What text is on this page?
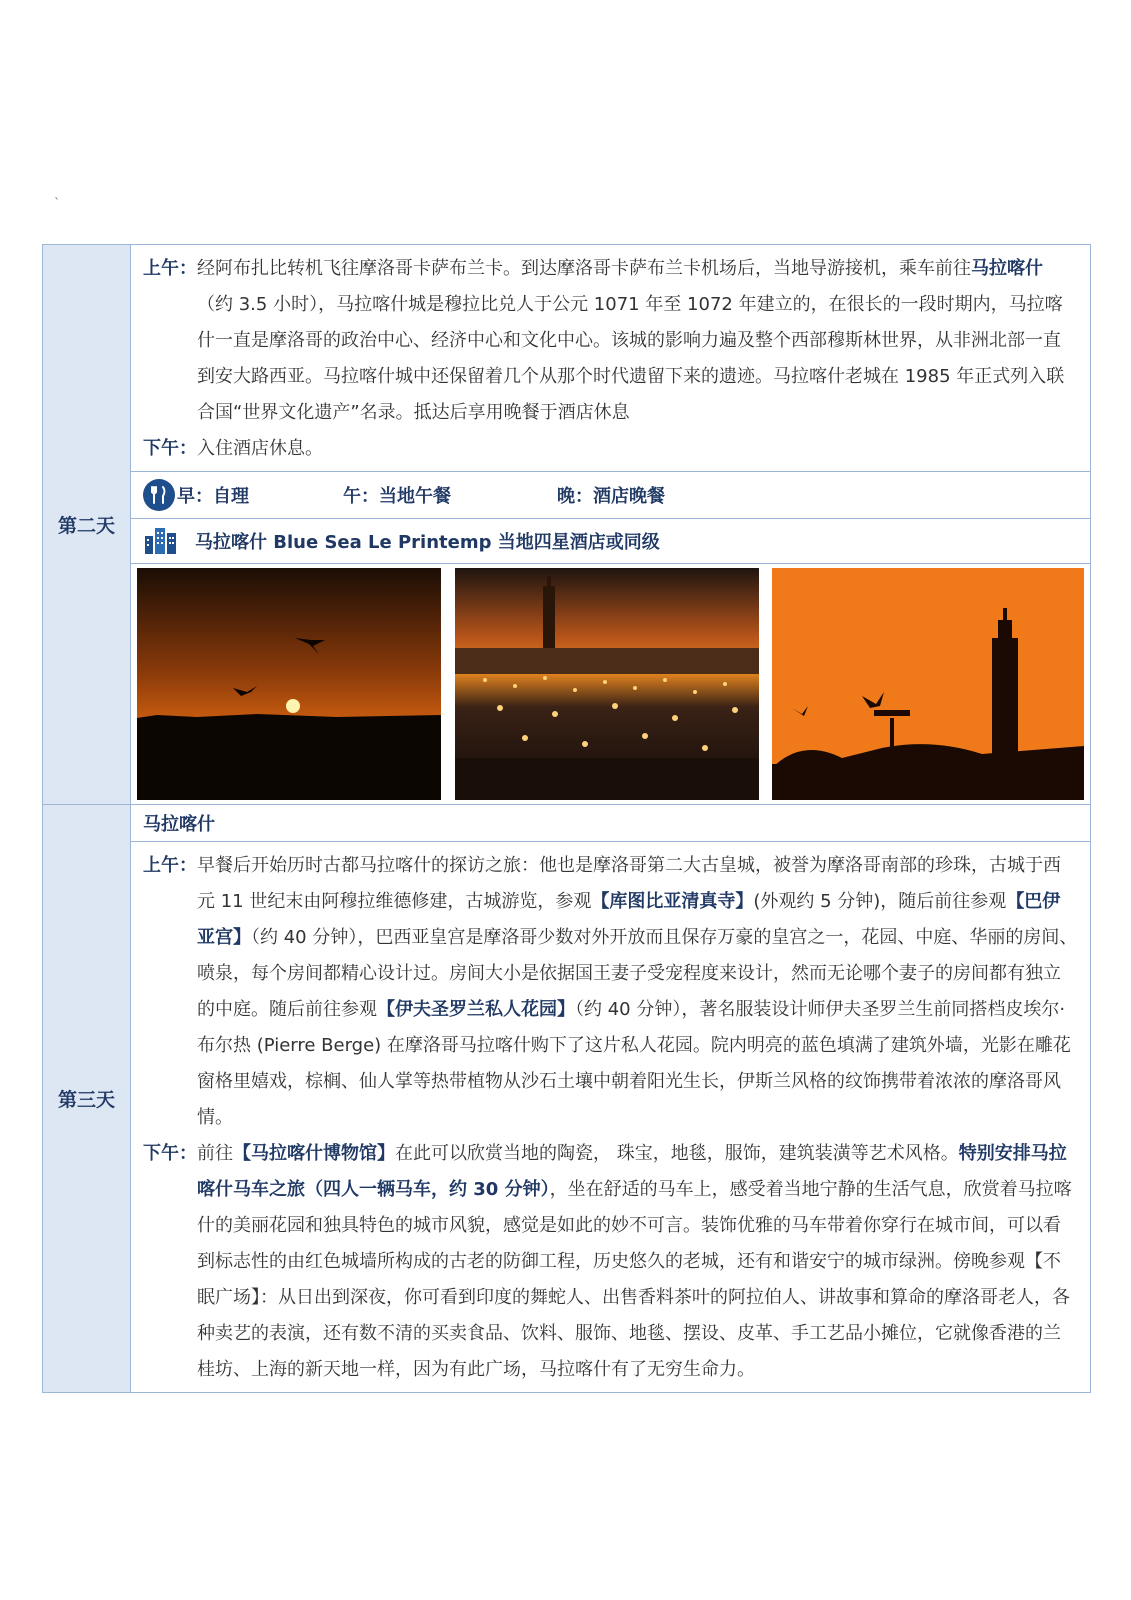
`
第二天	上午： 经阿布扎比转机飞往摩洛哥卡萨布兰卡。到达摩洛哥卡萨布兰卡机场后，当地导游接机，乘车前往马拉喀什（约 3.5 小时），马拉喀什城是穆拉比兑人于公元 1071 年至 1072 年建立的，在很长的一段时期内，马拉喀什一直是摩洛哥的政治中心、经济中心和文化中心。该城的影响力遍及整个西部穆斯林世界，从非洲北部一直到安大路西亚。马拉喀什城中还保留着几个从那个时代遗留下来的遗迹。马拉喀什老城在 1985 年正式列入联合国“世界文化遗产”名录。抵达后享用晚餐于酒店休息
下午： 入住酒店休息。

	早：自理 午：当地午餐 晚：酒店晚餐

	马拉喀什 Blue Sea Le Printemp 当地四星酒店或同级

第三天	马拉喀什

	上午： 早餐后开始历时古都马拉喀什的探访之旅：他也是摩洛哥第二大古皇城，被誉为摩洛哥南部的珍珠，古城于西元 11 世纪末由阿穆拉维德修建，古城游览，参观【库图比亚清真寺】(外观约 5 分钟)，随后前往参观【巴伊亚宫】（约 40 分钟），巴西亚皇宫是摩洛哥少数对外开放而且保存万豪的皇宫之一，花园、中庭、华丽的房间、喷泉，每个房间都精心设计过。房间大小是依据国王妻子受宠程度来设计，然而无论哪个妻子的房间都有独立的中庭。随后前往参观【伊夫圣罗兰私人花园】（约 40 分钟），著名服装设计师伊夫圣罗兰生前同搭档皮埃尔·布尔热 (Pierre Berge) 在摩洛哥马拉喀什购下了这片私人花园。院内明亮的蓝色填满了建筑外墙，光影在雕花窗格里嬉戏，棕榈、仙人掌等热带植物从沙石土壤中朝着阳光生长，伊斯兰风格的纹饰携带着浓浓的摩洛哥风情。
下午： 前往【马拉喀什博物馆】在此可以欣赏当地的陶瓷， 珠宝，地毯，服饰，建筑装潢等艺术风格。特别安排马拉喀什马车之旅（四人一辆马车，约 30 分钟），坐在舒适的马车上，感受着当地宁静的生活气息，欣赏着马拉喀什的美丽花园和独具特色的城市风貌，感觉是如此的妙不可言。装饰优雅的马车带着你穿行在城市间，可以看到标志性的由红色城墙所构成的古老的防御工程，历史悠久的老城，还有和谐安宁的城市绿洲。傍晚参观【不眠广场】：从日出到深夜，你可看到印度的舞蛇人、出售香料茶叶的阿拉伯人、讲故事和算命的摩洛哥老人，各种卖艺的表演，还有数不清的买卖食品、饮料、服饰、地毯、摆设、皮革、手工艺品小摊位，它就像香港的兰桂坊、上海的新天地一样，因为有此广场，马拉喀什有了无穷生命力。
